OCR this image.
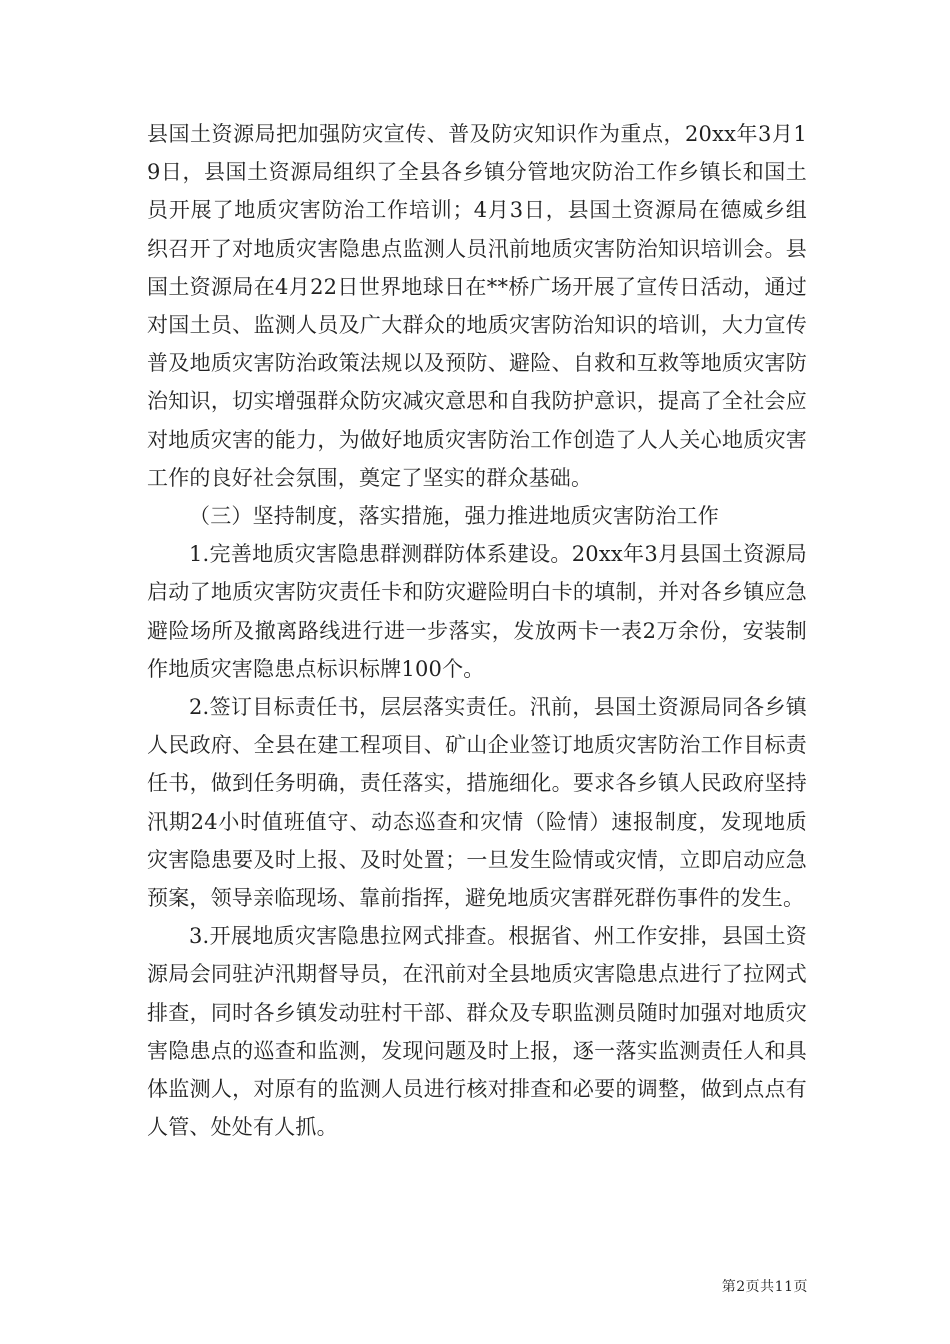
县国土资源局把加强防灾宣传、普及防灾知识作为重点，20xx年3月19日，县国土资源局组织了全县各乡镇分管地灾防治工作乡镇长和国土员开展了地质灾害防治工作培训；4月3日，县国土资源局在德威乡组织召开了对地质灾害隐患点监测人员汛前地质灾害防治知识培训会。县国土资源局在4月22日世界地球日在**桥广场开展了宣传日活动，通过对国土员、监测人员及广大群众的地质灾害防治知识的培训，大力宣传普及地质灾害防治政策法规以及预防、避险、自救和互救等地质灾害防治知识，切实增强群众防灾减灾意思和自我防护意识，提高了全社会应对地质灾害的能力，为做好地质灾害防治工作创造了人人关心地质灾害工作的良好社会氛围，奠定了坚实的群众基础。

（三）坚持制度，落实措施，强力推进地质灾害防治工作

1.完善地质灾害隐患群测群防体系建设。20xx年3月县国土资源局启动了地质灾害防灾责任卡和防灾避险明白卡的填制，并对各乡镇应急避险场所及撤离路线进行进一步落实，发放两卡一表2万余份，安装制作地质灾害隐患点标识标牌100个。

2.签订目标责任书，层层落实责任。汛前，县国土资源局同各乡镇人民政府、全县在建工程项目、矿山企业签订地质灾害防治工作目标责任书，做到任务明确，责任落实，措施细化。要求各乡镇人民政府坚持汛期24小时值班值守、动态巡查和灾情（险情）速报制度，发现地质灾害隐患要及时上报、及时处置；一旦发生险情或灾情，立即启动应急预案，领导亲临现场、靠前指挥，避免地质灾害群死群伤事件的发生。

3.开展地质灾害隐患拉网式排查。根据省、州工作安排，县国土资源局会同驻泸汛期督导员，在汛前对全县地质灾害隐患点进行了拉网式排查，同时各乡镇发动驻村干部、群众及专职监测员随时加强对地质灾害隐患点的巡查和监测，发现问题及时上报，逐一落实监测责任人和具体监测人，对原有的监测人员进行核对排查和必要的调整，做到点点有人管、处处有人抓。

第2页共11页
